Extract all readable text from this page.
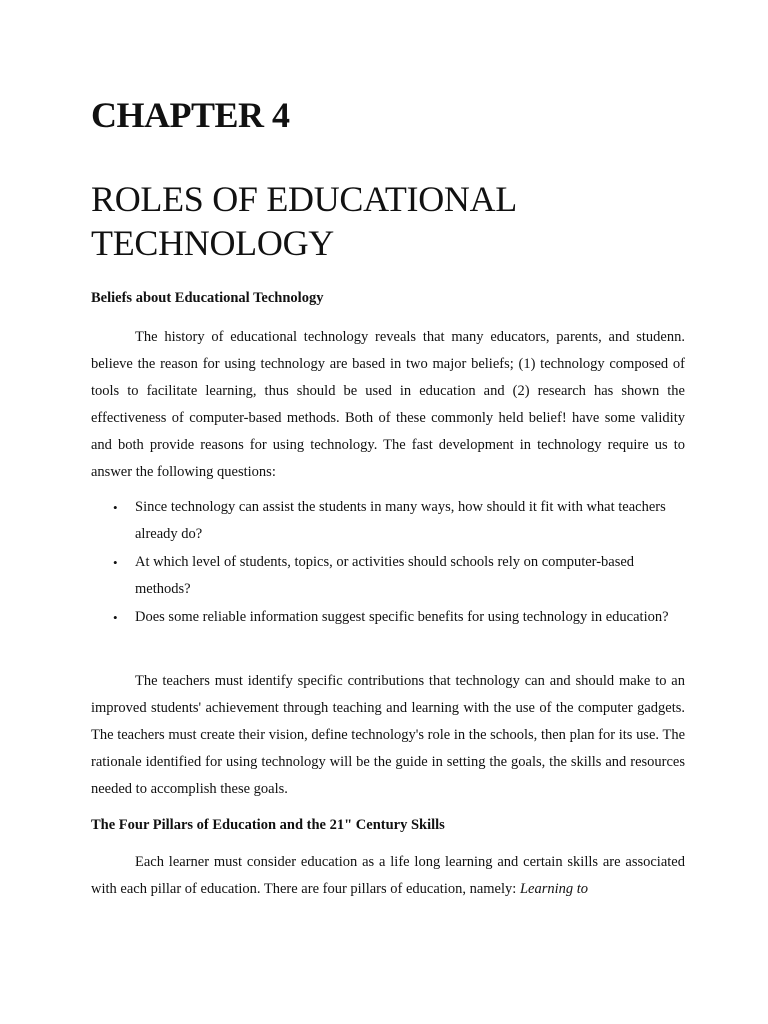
CHAPTER 4
ROLES OF EDUCATIONAL
TECHNOLOGY
Beliefs about Educational Technology

The history of educational technology reveals that many educators, parents, and studenn. believe the reason for using technology are based in two major beliefs; (1) technology composed of tools to facilitate learning, thus should be used in education and (2) research has shown the effectiveness of computer-based methods. Both of these commonly held belief! have some validity and both provide reasons for using technology. The fast development in technology require us to answer the following questions:

• Since technology can assist the students in many ways, how should it fit with what teachers already do?
• At which level of students, topics, or activities should schools rely on computer-based methods?
• Does some reliable information suggest specific benefits for using technology in education?

The teachers must identify specific contributions that technology can and should make to an improved students' achievement through teaching and learning with the use of the computer gadgets. The teachers must create their vision, define technology's role in the schools, then plan for its use. The rationale identified for using technology will be the guide in setting the goals, the skills and resources needed to accomplish these goals.

The Four Pillars of Education and the 21" Century Skills

Each learner must consider education as a life long learning and certain skills are associated with each pillar of education. There are four pillars of education, namely: Learning to
